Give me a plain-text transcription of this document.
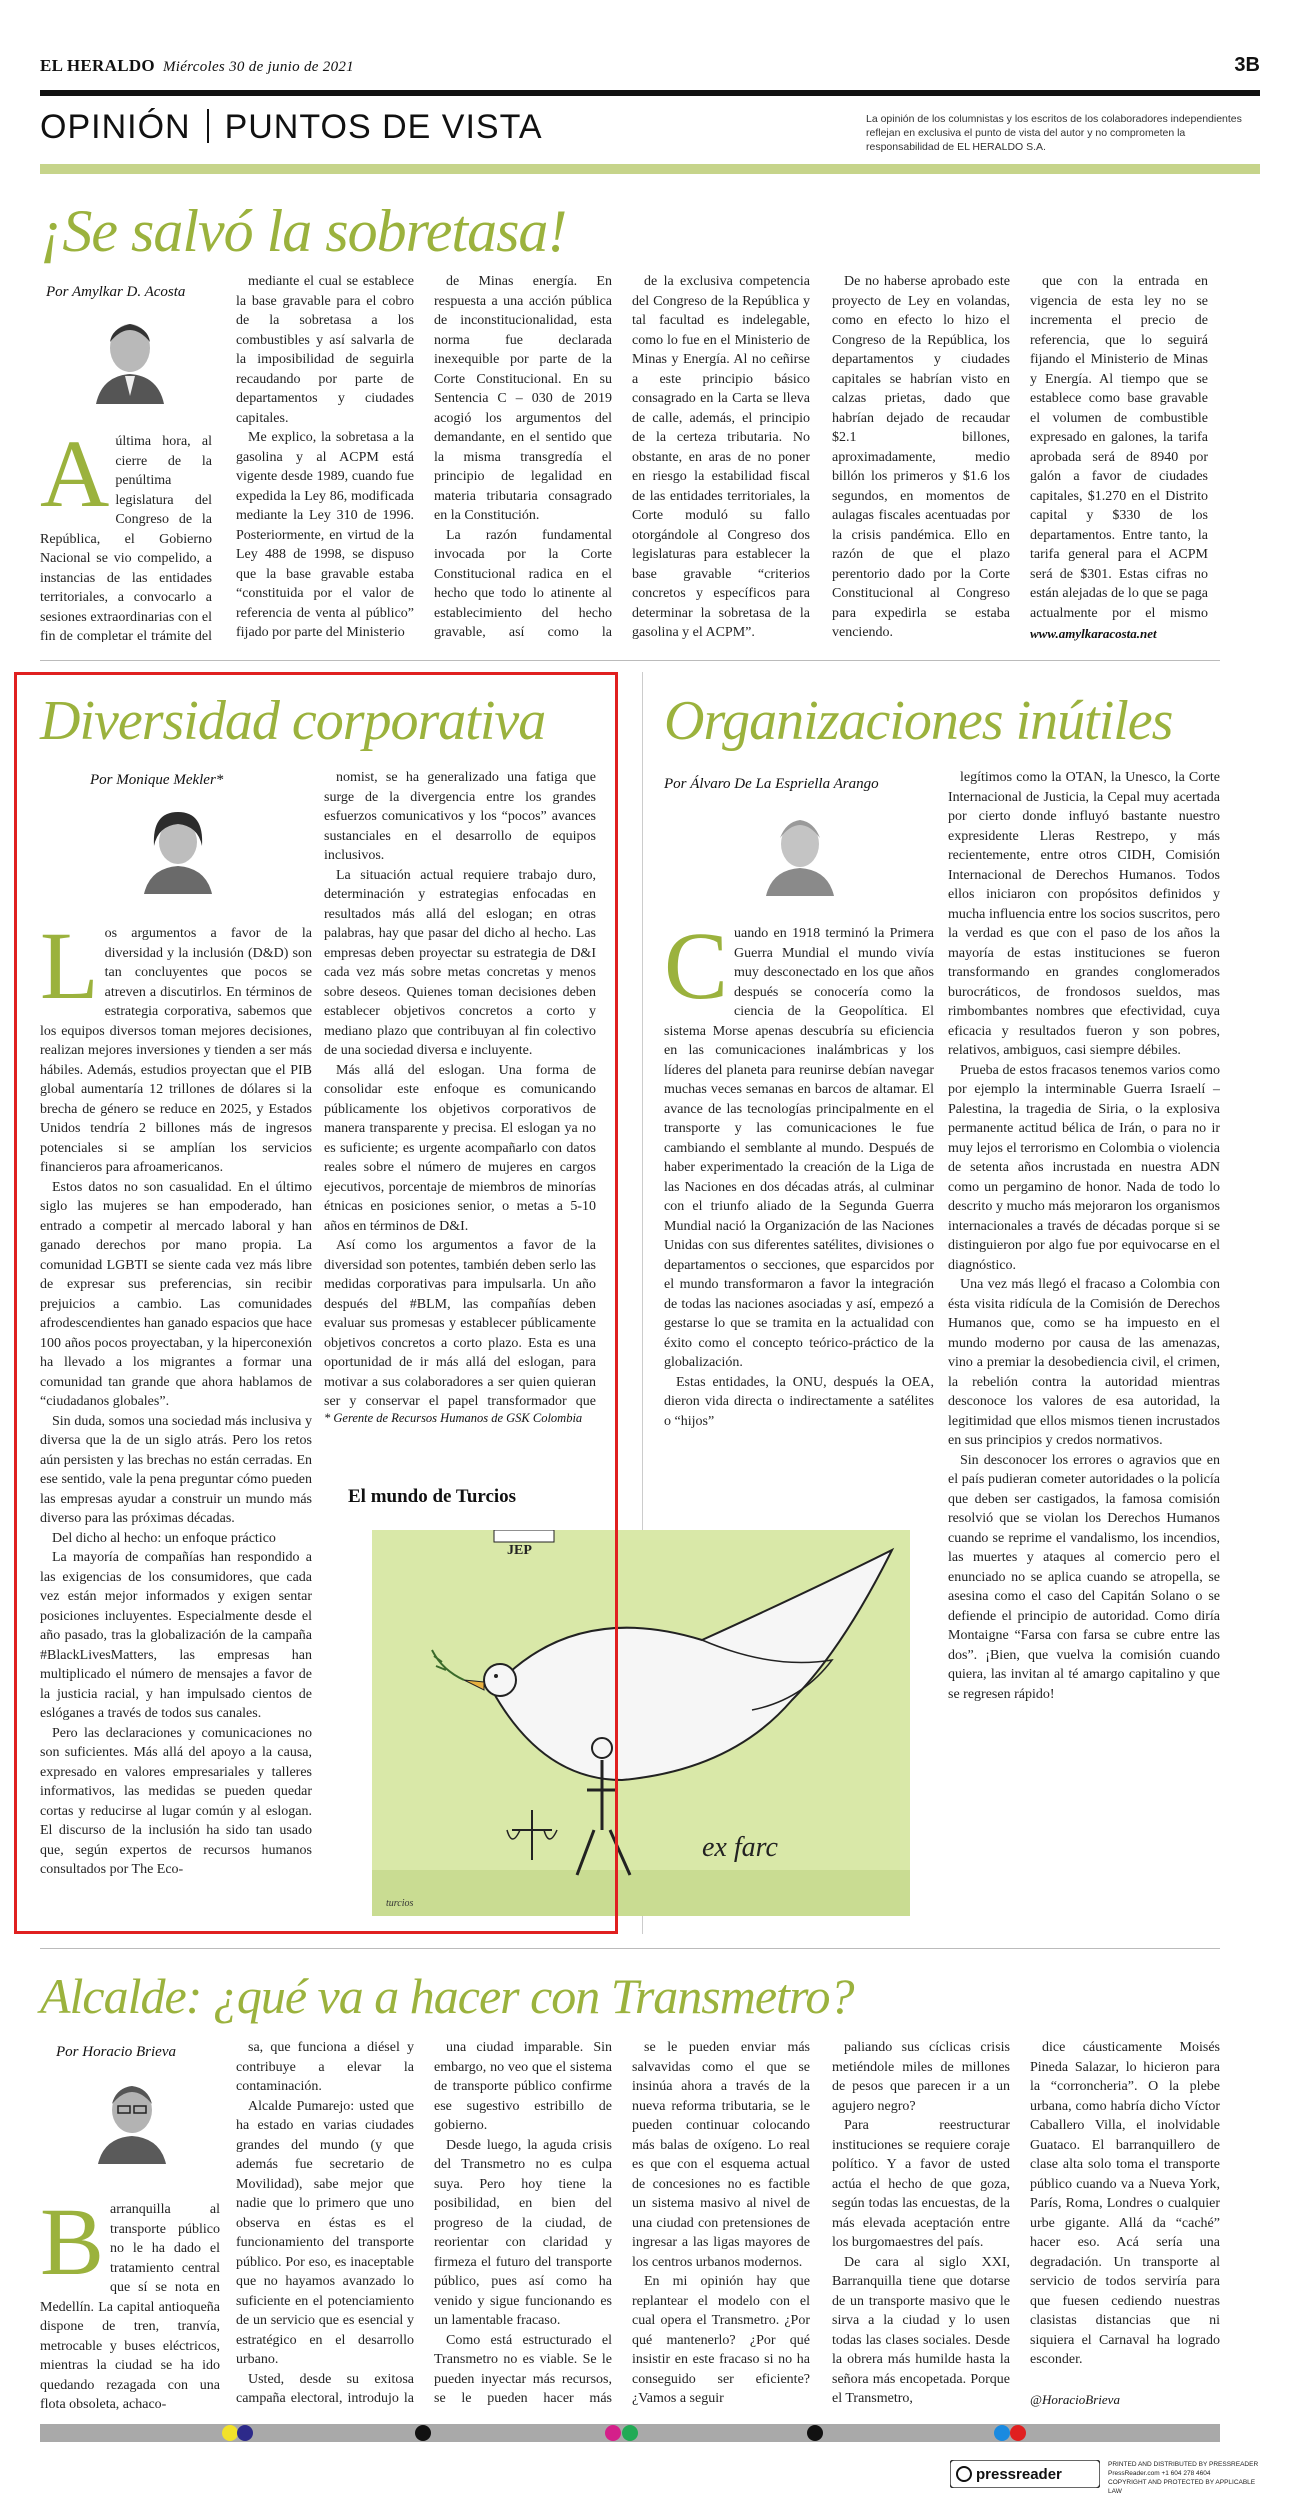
EL HERALDO Miércoles 30 de junio de 2021	3B
OPINIÓN PUNTOS DE VISTA	La opinión de los columnistas y los escritos de los colaboradores independientes reflejan en exclusiva el punto de vista del autor y no comprometen la responsabilidad de EL HERALDO S.A.
¡Se salvó la sobretasa!
Por Amylkar D. Acosta
Aúltima hora, al cierre de la penúltima legislatura del Congreso de la República, el Gobierno Nacional se vio compelido, a instancias de las entidades territoriales, a convocarlo a sesiones extraordinarias con el fin de completar el trámite del

mediante el cual se establece la base gravable para el cobro de la sobretasa a los combustibles y así salvarla de la imposibilidad de seguirla recaudando por parte de departamentos y ciudades capitales.

Me explico, la sobretasa a la gasolina y al ACPM está vigente desde 1989, cuando fue expedida la Ley 86, modificada mediante la Ley 310 de 1996. Posteriormente, en virtud de la Ley 488 de 1998, se dispuso que la base gravable estaba “constituida por el valor de referencia de venta al público” fijado por parte del Ministerio

de Minas energía. En respuesta a una acción pública de inconstitucionalidad, esta norma fue declarada inexequible por parte de la Corte Constitucional. En su Sentencia C – 030 de 2019 acogió los argumentos del demandante, en el sentido que la misma transgredía el principio de legalidad en materia tributaria consagrado en la Constitución.

La razón fundamental invocada por la Corte Constitucional radica en el hecho que todo lo atinente al establecimiento del hecho gravable, así como la

de la exclusiva competencia del Congreso de la República y tal facultad es indelegable, como lo fue en el Ministerio de Minas y Energía. Al no ceñirse a este principio básico consagrado en la Carta se lleva de calle, además, el principio de la certeza tributaria. No obstante, en aras de no poner en riesgo la estabilidad fiscal de las entidades territoriales, la Corte moduló su fallo otorgándole al Congreso dos legislaturas para establecer la base gravable “criterios concretos y específicos para determinar la sobretasa de la gasolina y el ACPM”.

De no haberse aprobado este proyecto de Ley en volandas, como en efecto lo hizo el Congreso de la República, los departamentos y ciudades capitales se habrían visto en calzas prietas, dado que habrían dejado de recaudar $2.1 billones, aproximadamente, medio billón los primeros y $1.6 los segundos, en momentos de aulagas fiscales acentuadas por la crisis pandémica. Ello en razón de que el plazo perentorio dado por la Corte Constitucional al Congreso para expedirla se estaba venciendo.

que con la entrada en vigencia de esta ley no se incrementa el precio de referencia, que lo seguirá fijando el Ministerio de Minas y Energía. Al tiempo que se establece como base gravable el volumen de combustible expresado en galones, la tarifa aprobada será de 8940 por galón a favor de ciudades capitales, $1.270 en el Distrito capital y $330 de los departamentos. Entre tanto, la tarifa general para el ACPM será de $301. Estas cifras no están alejadas de lo que se paga actualmente por el mismo

www.amylkaracosta.net
Diversidad corporativa
Por Monique Mekler*
Los argumentos a favor de la diversidad y la inclusión (D&D) son tan concluyentes que pocos se atreven a discutirlos. En términos de estrategia corporativa, sabemos que los equipos diversos toman mejores decisiones, realizan mejores inversiones y tienden a ser más hábiles. Además, estudios proyectan que el PIB global aumentaría 12 trillones de dólares si la brecha de género se reduce en 2025, y Estados Unidos tendría 2 billones más de ingresos potenciales si se amplían los servicios financieros para afroamericanos.
Estos datos no son casualidad. En el último siglo las mujeres se han empoderado, han entrado a competir al mercado laboral y han ganado derechos por mano propia. La comunidad LGBTI se siente cada vez más libre de expresar sus preferencias, sin recibir prejuicios a cambio. Las comunidades afrodescendientes han ganado espacios que hace 100 años pocos proyectaban, y la hiperconexión ha llevado a los migrantes a formar una comunidad tan grande que ahora hablamos de “ciudadanos globales”.
Sin duda, somos una sociedad más inclusiva y diversa que la de un siglo atrás. Pero los retos aún persisten y las brechas no están cerradas. En ese sentido, vale la pena preguntar cómo pueden las empresas ayudar a construir un mundo más diverso para las próximas décadas.
Del dicho al hecho: un enfoque práctico
La mayoría de compañías han respondido a las exigencias de los consumidores, que cada vez están mejor informados y exigen sentar posiciones incluyentes. Especialmente desde el año pasado, tras la globalización de la campaña #BlackLivesMatters, las empresas han multiplicado el número de mensajes a favor de la justicia racial, y han impulsado cientos de eslóganes a través de todos sus canales.
Pero las declaraciones y comunicaciones no son suficientes. Más allá del apoyo a la causa, expresado en valores empresariales y talleres informativos, las medidas se pueden quedar cortas y reducirse al lugar común y al eslogan. El discurso de la inclusión ha sido tan usado que, según expertos de recursos humanos consultados por The Eco-

nomist, se ha generalizado una fatiga que surge de la divergencia entre los grandes esfuerzos comunicativos y los “pocos” avances sustanciales en el desarrollo de equipos inclusivos.

La situación actual requiere trabajo duro, determinación y estrategias enfocadas en resultados más allá del eslogan; en otras palabras, hay que pasar del dicho al hecho. Las empresas deben proyectar su estrategia de D&I cada vez más sobre metas concretas y menos sobre deseos. Quienes toman decisiones deben establecer objetivos concretos a corto y mediano plazo que contribuyan al fin colectivo de una sociedad diversa e incluyente.

Más allá del eslogan. Una forma de consolidar este enfoque es comunicando públicamente los objetivos corporativos de manera transparente y precisa. El eslogan ya no es suficiente; es urgente acompañarlo con datos reales sobre el número de mujeres en cargos ejecutivos, porcentaje de miembros de minorías étnicas en posiciones senior, o metas a 5-10 años en términos de D&I.

Así como los argumentos a favor de la diversidad son potentes, también deben serlo las medidas corporativas para impulsarla. Un año después del #BLM, las compañías deben evaluar sus promesas y establecer públicamente objetivos concretos a corto plazo. Esta es una oportunidad de ir más allá del eslogan, para motivar a sus colaboradores a ser quien quieran ser y conservar el papel transformador que

* Gerente de Recursos Humanos de GSK Colombia
El mundo de Turcios
JEP
ex farc
turcios
Organizaciones inútiles
Por Álvaro De La Espriella Arango
Cuando en 1918 terminó la Primera Guerra Mundial el mundo vivía muy desconectado en los que años después se conocería como la ciencia de la Geopolítica. El sistema Morse apenas descubría su eficiencia en las comunicaciones inalámbricas y los líderes del planeta para reunirse debían navegar muchas veces semanas en barcos de altamar. El avance de las tecnologías principalmente en el transporte y las comunicaciones le fue cambiando el semblante al mundo. Después de haber experimentado la creación de la Liga de las Naciones en dos décadas atrás, al culminar con el triunfo aliado de la Segunda Guerra Mundial nació la Organización de las Naciones Unidas con sus diferentes satélites, divisiones o departamentos o secciones, que esparcidos por el mundo transformaron a favor la integración de todas las naciones asociadas y así, empezó a gestarse lo que se tramita en la actualidad con éxito como el concepto teórico-práctico de la globalización.
Estas entidades, la ONU, después la OEA, dieron vida directa o indirectamente a satélites o “hijos”

legítimos como la OTAN, la Unesco, la Corte Internacional de Justicia, la Cepal muy acertada por cierto donde influyó bastante nuestro expresidente Lleras Restrepo, y más recientemente, entre otros CIDH, Comisión Internacional de Derechos Humanos. Todos ellos iniciaron con propósitos definidos y mucha influencia entre los socios suscritos, pero la verdad es que con el paso de los años la mayoría de estas instituciones se fueron transformando en grandes conglomerados burocráticos, de frondosos sueldos, mas rimbombantes nombres que efectividad, cuya eficacia y resultados fueron y son pobres, relativos, ambiguos, casi siempre débiles.

Prueba de estos fracasos tenemos varios como por ejemplo la interminable Guerra Israelí – Palestina, la tragedia de Siria, o la explosiva permanente actitud bélica de Irán, o para no ir muy lejos el terrorismo en Colombia o violencia de setenta años incrustada en nuestra ADN como un pergamino de honor. Nada de todo lo descrito y mucho más mejoraron los organismos internacionales a través de décadas porque si se distinguieron por algo fue por equivocarse en el diagnóstico.

Una vez más llegó el fracaso a Colombia con ésta visita ridícula de la Comisión de Derechos Humanos que, como se ha impuesto en el mundo moderno por causa de las amenazas, vino a premiar la desobediencia civil, el crimen, la rebelión contra la autoridad mientras desconoce los valores de esa autoridad, la legitimidad que ellos mismos tienen incrustados en sus principios y credos normativos.

Sin desconocer los errores o agravios que en el país pudieran cometer autoridades o la policía que deben ser castigados, la famosa comisión resolvió que se violan los Derechos Humanos cuando se reprime el vandalismo, los incendios, las muertes y ataques al comercio pero el enunciado no se aplica cuando se atropella, se asesina como el caso del Capitán Solano o se defiende el principio de autoridad. Como diría Montaigne “Farsa con farsa se cubre entre las dos”. ¡Bien, que vuelva la comisión cuando quiera, las invitan al té amargo capitalino y que se regresen rápido!

Alcalde: ¿qué va a hacer con Transmetro?
Por Horacio Brieva
Barranquilla al transporte público no le ha dado el tratamiento central que sí se nota en Medellín. La capital antioqueña dispone de tren, tranvía, metrocable y buses eléctricos, mientras la ciudad se ha ido quedando rezagada con una flota obsoleta, achaco-

sa, que funciona a diésel y contribuye a elevar la contaminación.

Alcalde Pumarejo: usted que ha estado en varias ciudades grandes del mundo (y que además fue secretario de Movilidad), sabe mejor que nadie que lo primero que uno observa en éstas es el funcionamiento del transporte público. Por eso, es inaceptable que no hayamos avanzado lo suficiente en el potenciamiento de un servicio que es esencial y estratégico en el desarrollo urbano.

Usted, desde su exitosa campaña electoral, introdujo la

una ciudad imparable. Sin embargo, no veo que el sistema de transporte público confirme ese sugestivo estribillo de gobierno.

Desde luego, la agudа crisis del Transmetro no es culpa suya. Pero hoy tiene la posibilidad, en bien del progreso de la ciudad, de reorientar con claridad y firmeza el futuro del transporte público, pues así como ha venido y sigue funcionando es un lamentable fracaso.

Como está estructurado el Transmetro no es viable. Se le pueden inyectar más recursos, se le pueden hacer más

se le pueden enviar más salvavidas como el que se insinúa ahora a través de la nueva reforma tributaria, se le pueden continuar colocando más balas de oxígeno. Lo real es que con el esquema actual de concesiones no es factible un sistema masivo al nivel de una ciudad con pretensiones de ingresar a las ligas mayores de los centros urbanos modernos.

En mi opinión hay que replantear el modelo con el cual opera el Transmetro. ¿Por qué mantenerlo? ¿Por qué insistir en este fracaso si no ha conseguido ser eficiente? ¿Vamos a seguir

paliando sus cíclicas crisis metiéndole miles de millones de pesos que parecen ir a un agujero negro?

Para reestructurar instituciones se requiere coraje político. Y a favor de usted actúa el hecho de que goza, según todas las encuestas, de la más elevada aceptación entre los burgomaestres del país.

De cara al siglo XXI, Barranquilla tiene que dotarse de un transporte masivo que le sirva a la ciudad y lo usen todas las clases sociales. Desde la obrera más humilde hasta la señora más encopetada. Porque el Transmetro,

dice cáusticamente Moisés Pineda Salazar, lo hicieron para la “corroncheria”. O la plebe urbana, como habría dicho Víctor Caballero Villa, el inolvidable Guatacо. El barranquillero de clase alta solo toma el transporte público cuando va a Nueva York, París, Roma, Londres o cualquier urbe gigante. Allá da “caché” hacer eso. Acá sería una degradación. Un transporte al servicio de todos serviría para que fuesen cediendo nuestras clasistas distancias que ni siquiera el Carnaval ha logrado esconder.

@HoracioBrieva
pressreader
PRINTED AND DISTRIBUTED BY PRESSREADER
PressReader.com +1 604 278 4604
COPYRIGHT AND PROTECTED BY APPLICABLE LAW
